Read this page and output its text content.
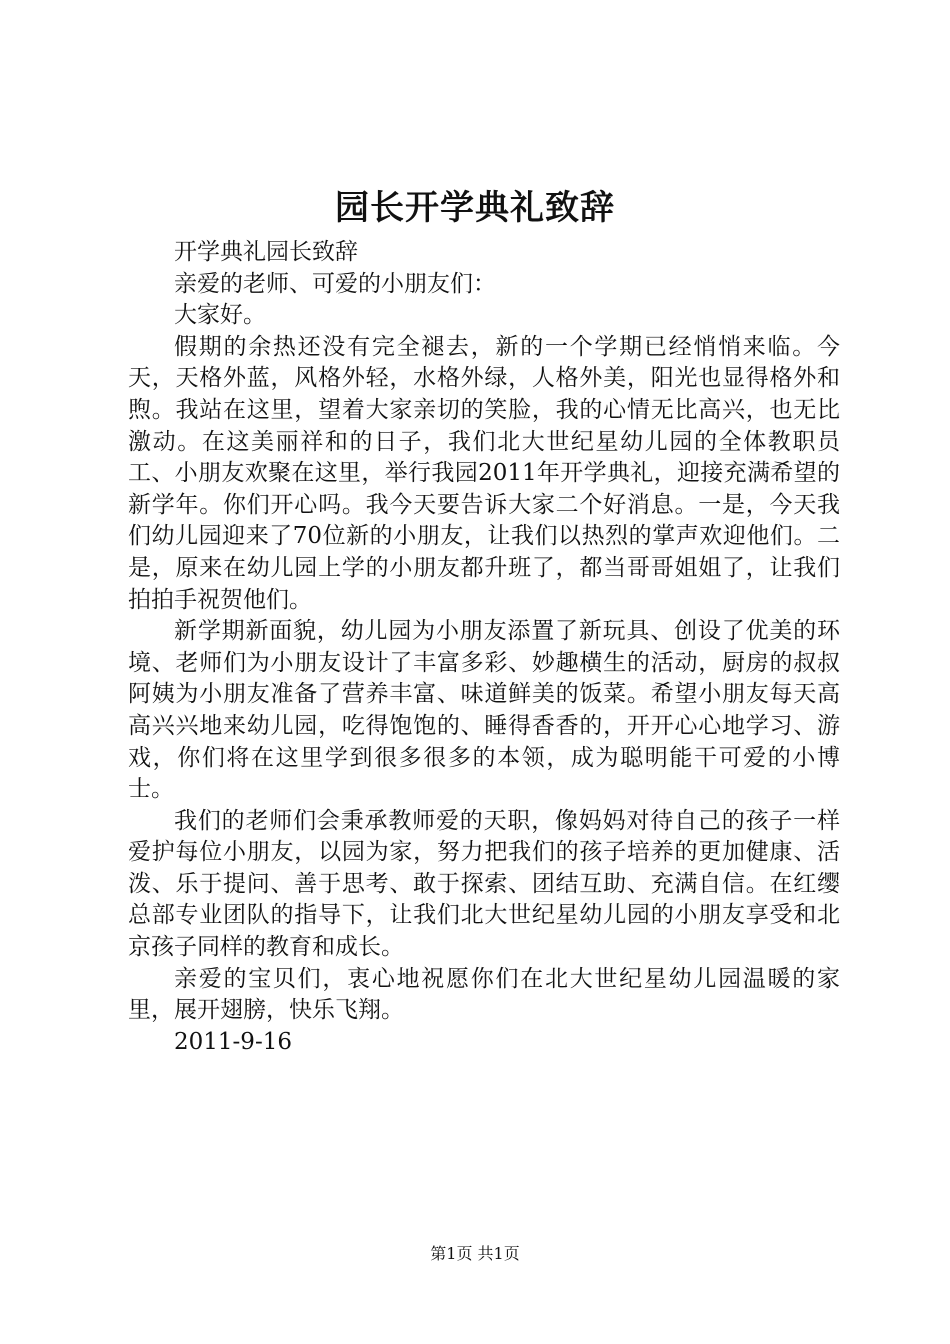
园长开学典礼致辞

开学典礼园长致辞

亲爱的老师、可爱的小朋友们：

大家好。

假期的余热还没有完全褪去，新的一个学期已经悄悄来临。今天，天格外蓝，风格外轻，水格外绿，人格外美，阳光也显得格外和煦。我站在这里，望着大家亲切的笑脸，我的心情无比高兴，也无比激动。在这美丽祥和的日子，我们北大世纪星幼儿园的全体教职员工、小朋友欢聚在这里，举行我园2011年开学典礼，迎接充满希望的新学年。你们开心吗。我今天要告诉大家二个好消息。一是，今天我们幼儿园迎来了70位新的小朋友，让我们以热烈的掌声欢迎他们。二是，原来在幼儿园上学的小朋友都升班了，都当哥哥姐姐了，让我们拍拍手祝贺他们。

新学期新面貌，幼儿园为小朋友添置了新玩具、创设了优美的环境、老师们为小朋友设计了丰富多彩、妙趣横生的活动，厨房的叔叔阿姨为小朋友准备了营养丰富、味道鲜美的饭菜。希望小朋友每天高高兴兴地来幼儿园，吃得饱饱的、睡得香香的，开开心心地学习、游戏，你们将在这里学到很多很多的本领，成为聪明能干可爱的小博士。

我们的老师们会秉承教师爱的天职，像妈妈对待自己的孩子一样爱护每位小朋友，以园为家，努力把我们的孩子培养的更加健康、活泼、乐于提问、善于思考、敢于探索、团结互助、充满自信。在红缨总部专业团队的指导下，让我们北大世纪星幼儿园的小朋友享受和北京孩子同样的教育和成长。

亲爱的宝贝们，衷心地祝愿你们在北大世纪星幼儿园温暖的家里，展开翅膀，快乐飞翔。

2011-9-16

第1页 共1页
